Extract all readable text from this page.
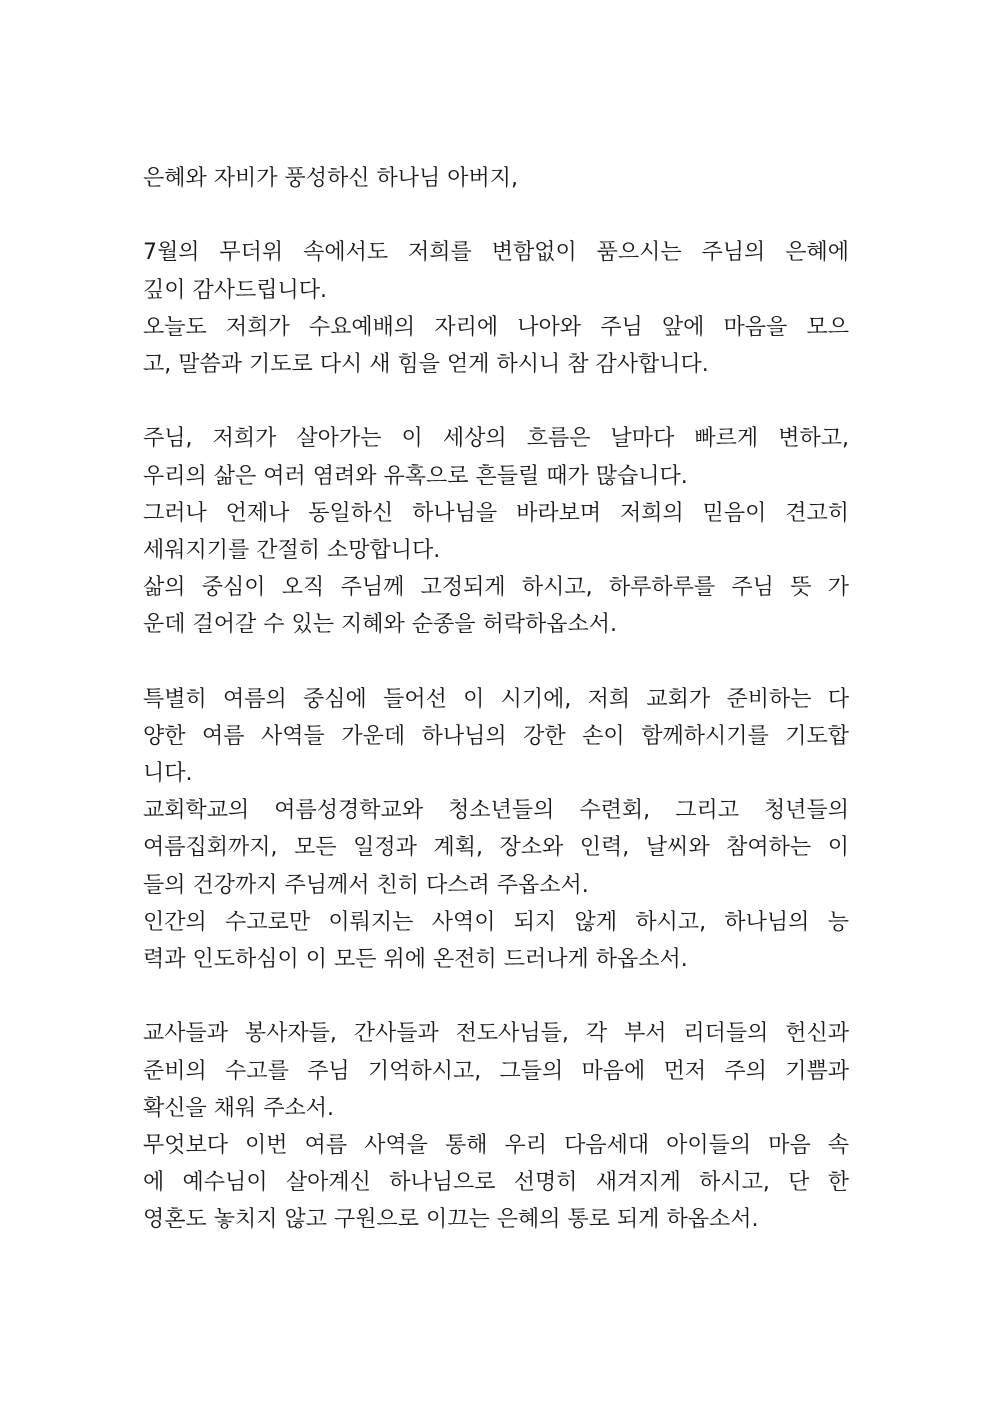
은혜와 자비가 풍성하신 하나님 아버지,
7월의 무더위 속에서도 저희를 변함없이 품으시는 주님의 은혜에
깊이 감사드립니다.
오늘도 저희가 수요예배의 자리에 나아와 주님 앞에 마음을 모으
고, 말씀과 기도로 다시 새 힘을 얻게 하시니 참 감사합니다.
주님, 저희가 살아가는 이 세상의 흐름은 날마다 빠르게 변하고,
우리의 삶은 여러 염려와 유혹으로 흔들릴 때가 많습니다.
그러나 언제나 동일하신 하나님을 바라보며 저희의 믿음이 견고히
세워지기를 간절히 소망합니다.
삶의 중심이 오직 주님께 고정되게 하시고, 하루하루를 주님 뜻 가
운데 걸어갈 수 있는 지혜와 순종을 허락하옵소서.
특별히 여름의 중심에 들어선 이 시기에, 저희 교회가 준비하는 다
양한 여름 사역들 가운데 하나님의 강한 손이 함께하시기를 기도합
니다.
교회학교의 여름성경학교와 청소년들의 수련회, 그리고 청년들의
여름집회까지, 모든 일정과 계획, 장소와 인력, 날씨와 참여하는 이
들의 건강까지 주님께서 친히 다스려 주옵소서.
인간의 수고로만 이뤄지는 사역이 되지 않게 하시고, 하나님의 능
력과 인도하심이 이 모든 위에 온전히 드러나게 하옵소서.
교사들과 봉사자들, 간사들과 전도사님들, 각 부서 리더들의 헌신과
준비의 수고를 주님 기억하시고, 그들의 마음에 먼저 주의 기쁨과
확신을 채워 주소서.
무엇보다 이번 여름 사역을 통해 우리 다음세대 아이들의 마음 속
에 예수님이 살아계신 하나님으로 선명히 새겨지게 하시고, 단 한
영혼도 놓치지 않고 구원으로 이끄는 은혜의 통로 되게 하옵소서.
